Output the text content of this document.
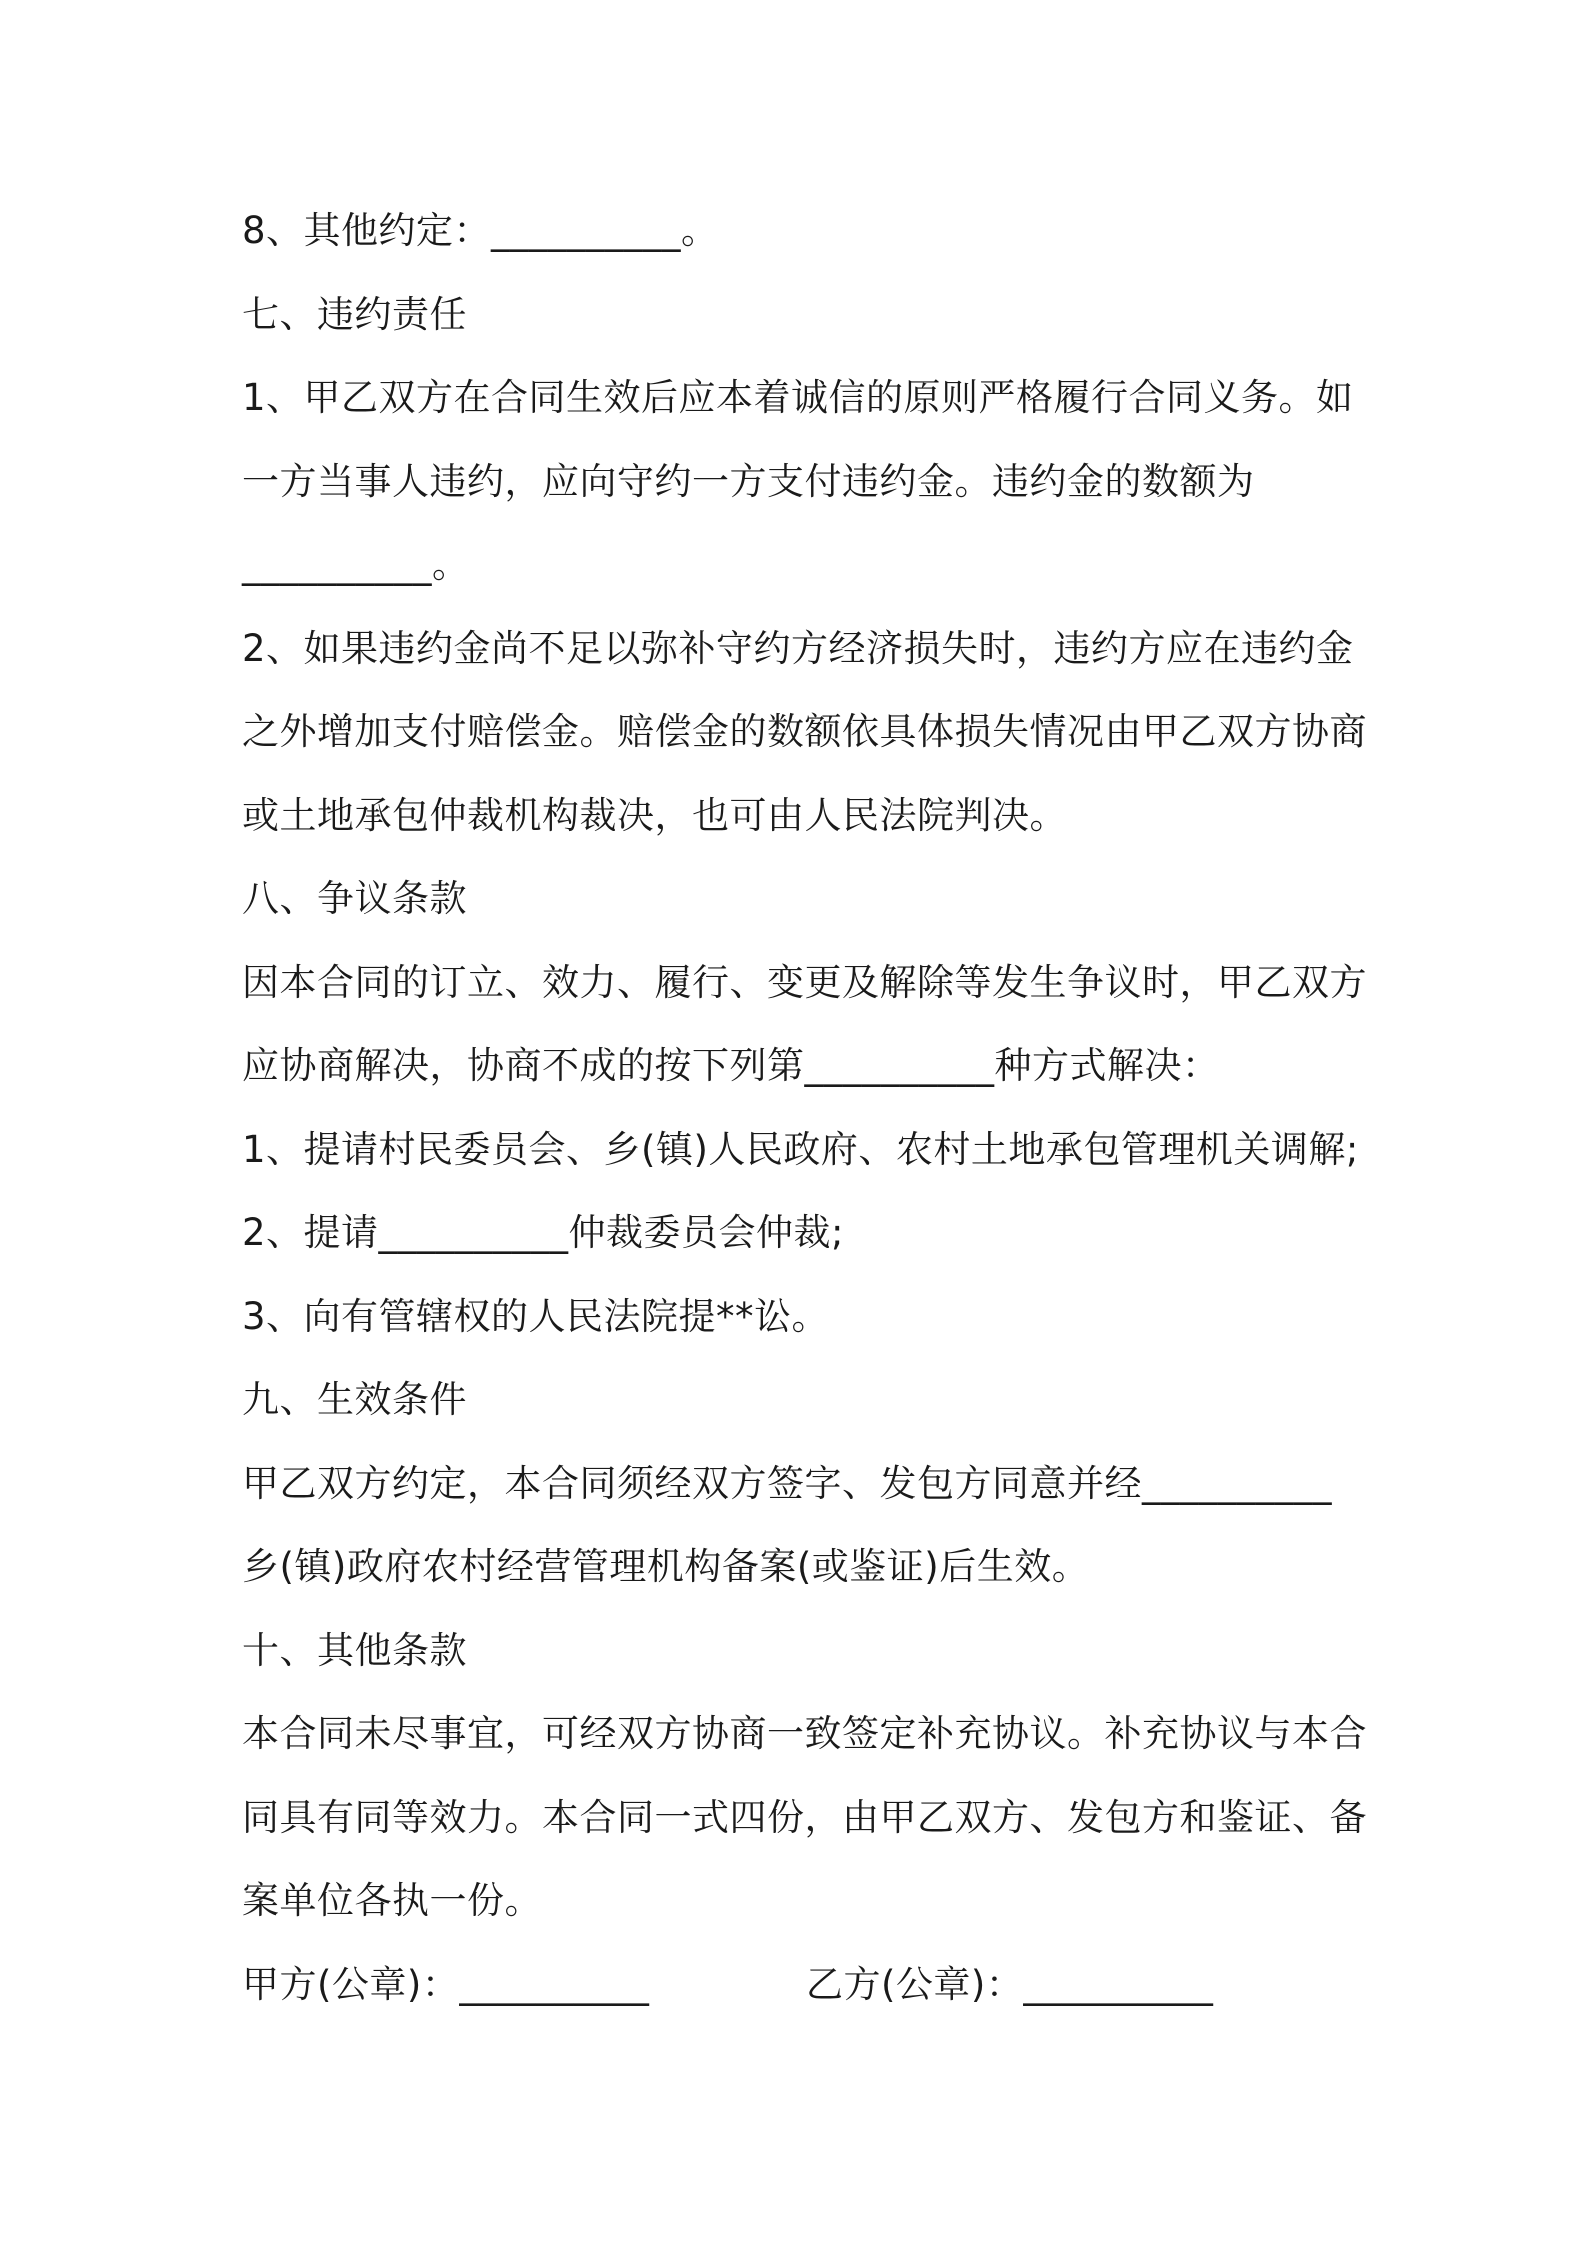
8、其他约定：__________。
七、违约责任
1、甲乙双方在合同生效后应本着诚信的原则严格履行合同义务。如
一方当事人违约，应向守约一方支付违约金。违约金的数额为
__________。
2、如果违约金尚不足以弥补守约方经济损失时，违约方应在违约金
之外增加支付赔偿金。赔偿金的数额依具体损失情况由甲乙双方协商
或土地承包仲裁机构裁决，也可由人民法院判决。
八、争议条款
因本合同的订立、效力、履行、变更及解除等发生争议时，甲乙双方
应协商解决，协商不成的按下列第__________种方式解决：
1、提请村民委员会、乡(镇)人民政府、农村土地承包管理机关调解;
2、提请__________仲裁委员会仲裁;
3、向有管辖权的人民法院提**讼。
九、生效条件
甲乙双方约定，本合同须经双方签字、发包方同意并经__________
乡(镇)政府农村经营管理机构备案(或鉴证)后生效。
十、其他条款
本合同未尽事宜，可经双方协商一致签定补充协议。补充协议与本合
同具有同等效力。本合同一式四份，由甲乙双方、发包方和鉴证、备
案单位各执一份。
甲方(公章)：__________	乙方(公章)：__________
